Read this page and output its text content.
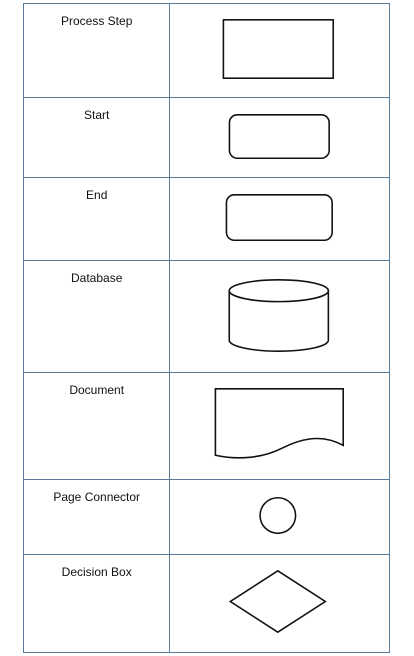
Process Step

Start

End

Database

Document

Page Connector

Decision Box
